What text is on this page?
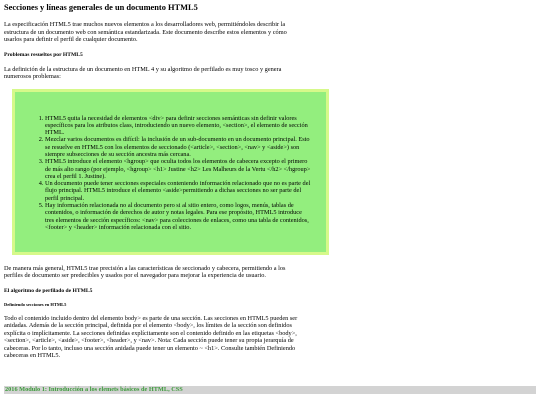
Secciones y líneas generales de un documento HTML5

La especificación HTML5 trae muchos nuevos elementos a los desarrolladores web, permitiéndoles describir la estructura de un documento web con semántica estandarizada. Este documento describe estos elementos y cómo usarlos para definir el perfil de cualquier documento.

Problemas resueltos por HTML5

La definición de la estructura de un documento en HTML 4 y su algoritmo de perfilado es muy tosco y genera numerosos problemas:

1. HTML5 quita la necesidad de elementos <div> para definir secciones semánticas sin definir valores específicos para los atributos class, introduciendo un nuevo elemento, <section>, el elemento de sección HTML.
2. Mezclar varios documentos es difícil: la inclusión de un sub-documento en un documento principal. Esto se resuelve en HTML5 con los elementos de seccionado (<article>, <section>, <nav> y <aside>) son siempre subsecciones de su sección ancestra más cercana.
3. HTML5 introduce el elemento <hgroup> que oculta todos los elementos de cabecera excepto el primero de más alto rango (por ejemplo, <hgroup> <h1> Justine <h2> Les Malheurs de la Vertu </h2> </hgroup> crea el perfil 1. Justine).
4. Un documento puede tener secciones especiales conteniendo información relacionado que no es parte del flujo principal. HTML5 introduce el elemento <aside>permitiendo a dichas secciones no ser parte del perfil principal.
5. Hay información relacionada no al documento pero si al sitio entero, como logos, menús, tablas de contenidos, o información de derechos de autor y notas legales. Para ese propósito, HTML5 introduce tres elementos de sección específicos: <nav> para colecciones de enlaces, como una tabla de contenidos, <footer> y <header> información relacionada con el sitio.

De manera más general, HTML5 trae precisión a las características de seccionado y cabecera, permitiendo a los perfiles de documento ser predecibles y usados por el navegador para mejorar la experiencia de usuario.

El algoritmo de perfilado de HTML5
Definiendo secciones en HTML5

Todo el contenido incluido dentro del elemento body> es parte de una sección. Las secciones en HTML5 pueden ser anidadas. Además de la sección principal, definida por el elemento <body>, los límites de la sección son definidos explícita o implícitamente. La secciones definidas explícitamente son el contenido definido en las etiquetas <body>, <section>, <article>, <aside>, <footer>, <header>, y <nav>. Nota: Cada sección puede tener su propia jerarquía de cabeceras. Por lo tanto, incluso una sección anidada puede tener un elemento ~ <h1>. Consulte también Definiendo cabeceras en HTML5.

2016 Modulo 1: Introducción a los elemets básicos de HTML, CSS
